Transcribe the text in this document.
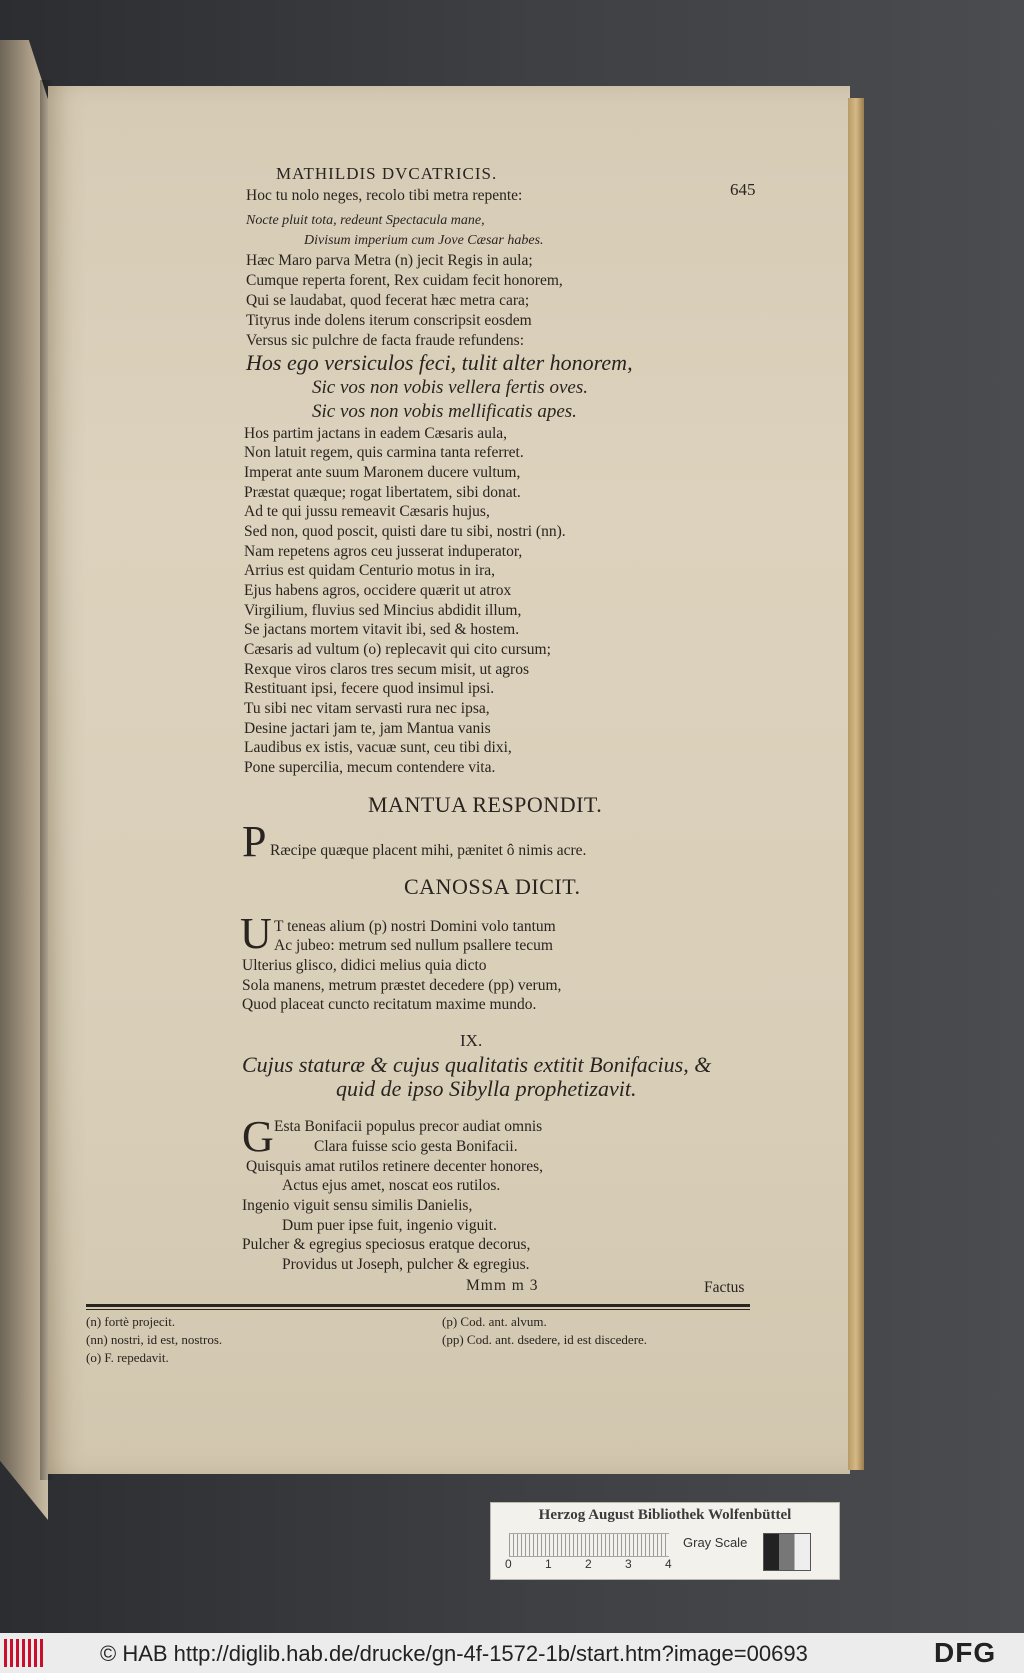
MATHILDIS DVCATRICIS.
645
Hoc tu nolo neges, recolo tibi metra repente:
Nocte pluit tota, redeunt Spectacula mane,
Divisum imperium cum Jove Cæsar habes.
Hæc Maro parva Metra (n) jecit Regis in aula;
Cumque reperta forent, Rex cuidam fecit honorem,
Qui se laudabat, quod fecerat hæc metra cara;
Tityrus inde dolens iterum conscripsit eosdem
Versus sic pulchre de facta fraude refundens:
Hos ego versiculos feci, tulit alter honorem,
Sic vos non vobis vellera fertis oves.
Sic vos non vobis mellificatis apes.
Hos partim jactans in eadem Cæsaris aula,
Non latuit regem, quis carmina tanta referret.
Imperat ante suum Maronem ducere vultum,
Præstat quæque; rogat libertatem, sibi donat.
Ad te qui jussu remeavit Cæsaris hujus,
Sed non, quod poscit, quisti dare tu sibi, nostri (nn).
Nam repetens agros ceu jusserat induperator,
Arrius est quidam Centurio motus in ira,
Ejus habens agros, occidere quærit ut atrox
Virgilium, fluvius sed Mincius abdidit illum,
Se jactans mortem vitavit ibi, sed & hostem.
Cæsaris ad vultum (o) replecavit qui cito cursum;
Rexque viros claros tres secum misit, ut agros
Restituant ipsi, fecere quod insimul ipsi.
Tu sibi nec vitam servasti rura nec ipsa,
Desine jactari jam te, jam Mantua vanis
Laudibus ex istis, vacuæ sunt, ceu tibi dixi,
Pone supercilia, mecum contendere vita.
MANTUA RESPONDIT.
P Ræcipe quæque placent mihi, pænitet ô nimis acre.
CANOSSA DICIT.
U T teneas alium (p) nostri Domini volo tantum
Ac jubeo: metrum sed nullum psallere tecum
Ulterius glisco, didici melius quia dicto
Sola manens, metrum præstet decedere (pp) verum,
Quod placeat cuncto recitatum maxime mundo.
IX.
Cujus staturæ & cujus qualitatis extitit Bonifacius, &
quid de ipso Sibylla prophetizavit.
G Esta Bonifacii populus precor audiat omnis
Clara fuisse scio gesta Bonifacii.
Quisquis amat rutilos retinere decenter honores,
Actus ejus amet, noscat eos rutilos.
Ingenio viguit sensu similis Danielis,
Dum puer ipse fuit, ingenio viguit.
Pulcher & egregius speciosus eratque decorus,
Providus ut Joseph, pulcher & egregius.
Mmm m 3	Factus
(n) fortè projecit.
(nn) nostri, id est, nostros.
(o) F. repedavit.
(p) Cod. ant. alvum.
(pp) Cod. ant. dsedere, id est discedere.
Herzog August Bibliothek Wolfenbüttel
0	1	2	3	4
Gray Scale
© HAB http://diglib.hab.de/drucke/gn-4f-1572-1b/start.htm?image=00693	DFG
